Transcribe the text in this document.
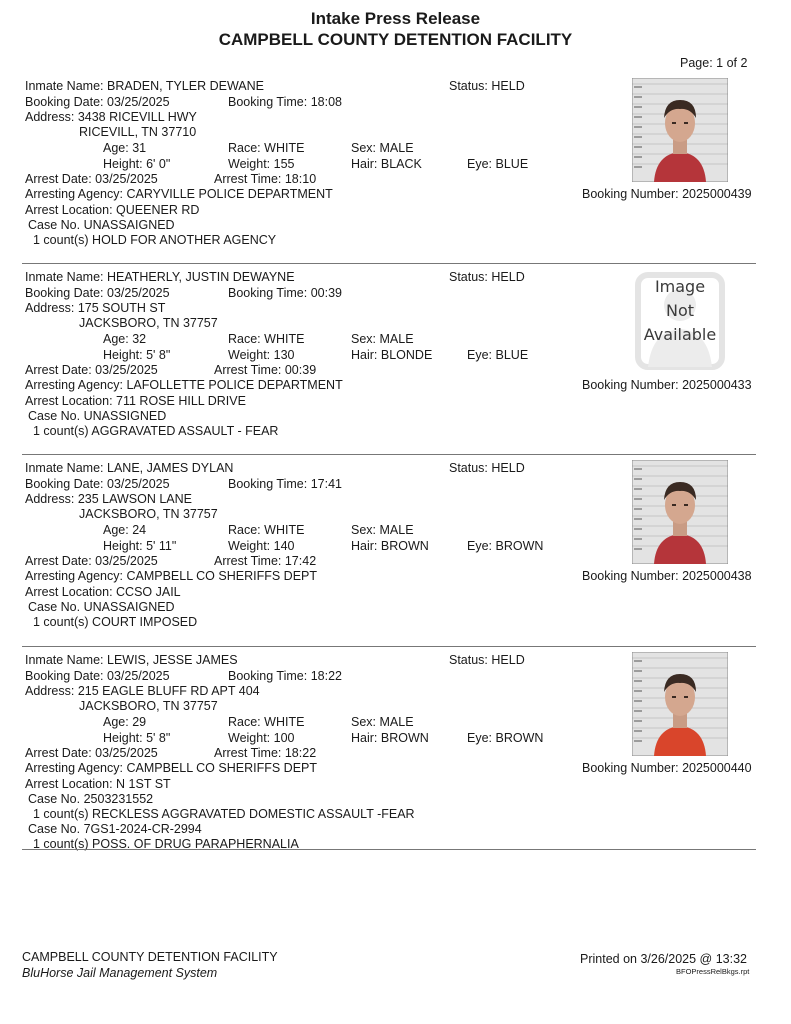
Intake Press Release
CAMPBELL COUNTY DETENTION FACILITY
Page: 1 of 2
Inmate Name: BRADEN, TYLER DEWANE	Status: HELD
Booking Date: 03/25/2025	Booking Time: 18:08
Address: 3438 RICEVILL HWY
RICEVILL, TN 37710
Age: 31	Race: WHITE	Sex: MALE
Height: 6' 0"	Weight: 155	Hair: BLACK	Eye: BLUE
Arrest Date: 03/25/2025	Arrest Time: 18:10
Arresting Agency: CARYVILLE POLICE DEPARTMENT
Arrest Location: QUEENER RD
Case No. UNASSAIGNED
1 count(s) HOLD FOR ANOTHER AGENCY
Booking Number: 2025000439
Inmate Name: HEATHERLY, JUSTIN DEWAYNE	Status: HELD
Booking Date: 03/25/2025	Booking Time: 00:39
Address: 175 SOUTH ST
JACKSBORO, TN 37757
Age: 32	Race: WHITE	Sex: MALE
Height: 5' 8"	Weight: 130	Hair: BLONDE	Eye: BLUE
Arrest Date: 03/25/2025	Arrest Time: 00:39
Arresting Agency: LAFOLLETTE POLICE DEPARTMENT
Arrest Location: 711 ROSE HILL DRIVE
Case No. UNASSIGNED
1 count(s) AGGRAVATED ASSAULT - FEAR
Image
Not
Available
Booking Number: 2025000433
Inmate Name: LANE, JAMES DYLAN	Status: HELD
Booking Date: 03/25/2025	Booking Time: 17:41
Address: 235 LAWSON LANE
JACKSBORO, TN 37757
Age: 24	Race: WHITE	Sex: MALE
Height: 5' 11"	Weight: 140	Hair: BROWN	Eye: BROWN
Arrest Date: 03/25/2025	Arrest Time: 17:42
Arresting Agency: CAMPBELL CO SHERIFFS DEPT
Arrest Location: CCSO JAIL
Case No. UNASSAIGNED
1 count(s) COURT IMPOSED
Booking Number: 2025000438
Inmate Name: LEWIS, JESSE JAMES	Status: HELD
Booking Date: 03/25/2025	Booking Time: 18:22
Address: 215 EAGLE BLUFF RD APT 404
JACKSBORO, TN 37757
Age: 29	Race: WHITE	Sex: MALE
Height: 5' 8"	Weight: 100	Hair: BROWN	Eye: BROWN
Arrest Date: 03/25/2025	Arrest Time: 18:22
Arresting Agency: CAMPBELL CO SHERIFFS DEPT
Arrest Location: N 1ST ST
Case No. 2503231552
1 count(s) RECKLESS AGGRAVATED DOMESTIC ASSAULT -FEAR
Case No. 7GS1-2024-CR-2994
1 count(s) POSS. OF DRUG PARAPHERNALIA
Booking Number: 2025000440
CAMPBELL COUNTY DETENTION FACILITY
BluHorse Jail Management System
Printed on 3/26/2025 @ 13:32
BFOPressRelBkgs.rpt
